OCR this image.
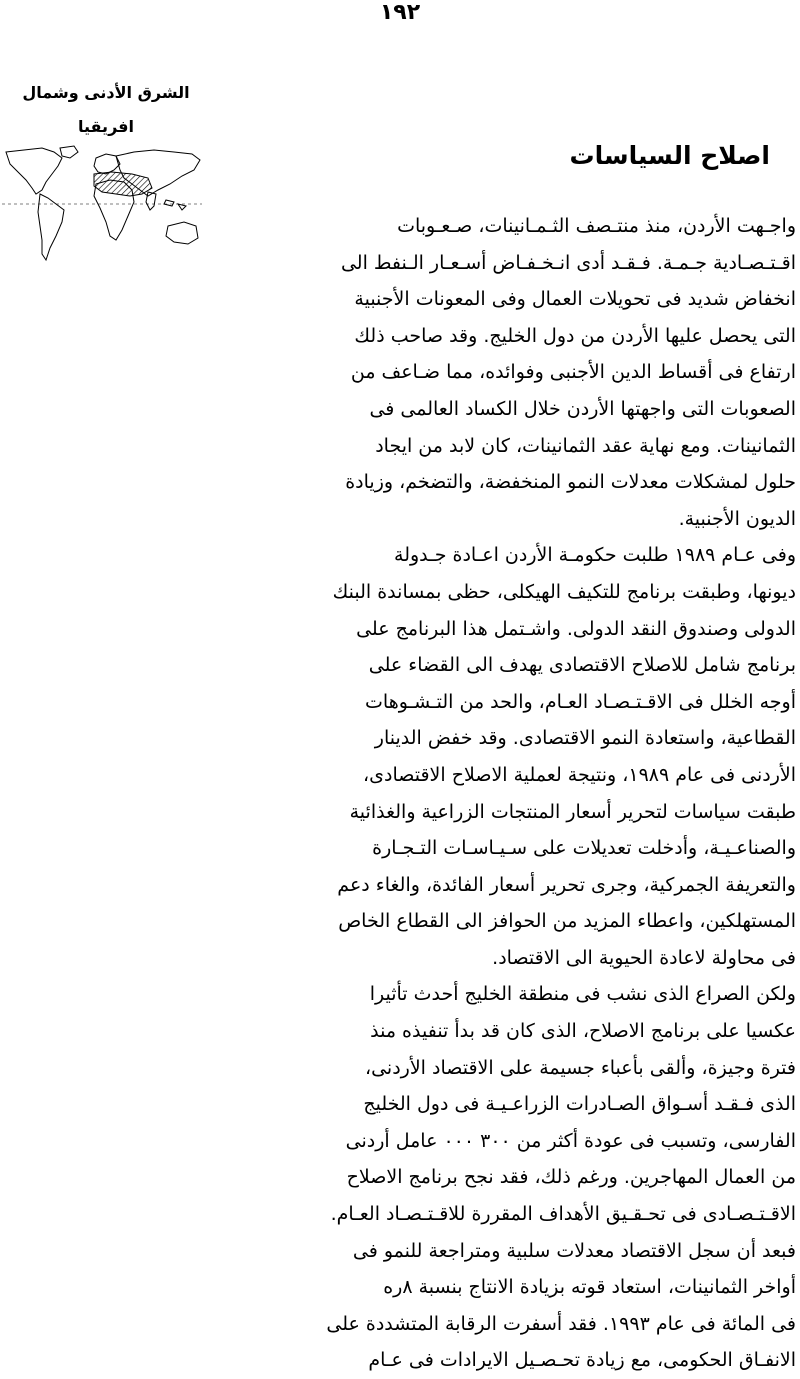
١٩٢
الشرق الأدنى وشمال
افريقيا
اصلاح السياسات
واجـهت الأردن، منذ منتـصف الثـمـانينات، صـعـوبات
اقـتـصـادية جـمـة. فـقـد أدى انـخـفـاض أسـعـار الـنفط الى
انخفاض شديد فى تحويلات العمال وفى المعونات الأجنبية
التى يحصل عليها الأردن من دول الخليج. وقد صاحب ذلك
ارتفاع فى أقساط الدين الأجنبى وفوائده، مما ضـاعف من
الصعوبات التى واجهتها الأردن خلال الكساد العالمى فى
الثمانينات. ومع نهاية عقد الثمانينات، كان لابد من ايجاد
حلول لمشكلات معدلات النمو المنخفضة، والتضخم، وزيادة
الديون الأجنبية.
وفى عـام ١٩٨٩ طلبت حكومـة الأردن اعـادة جـدولة
ديونها، وطبقت برنامج للتكيف الهيكلى، حظى بمساندة البنك
الدولى وصندوق النقد الدولى. واشـتمل هذا البرنامج على
برنامج شامل للاصلاح الاقتصادى يهدف الى القضاء على
أوجه الخلل فى الاقـتـصـاد العـام، والحد من التـشـوهات
القطاعية، واستعادة النمو الاقتصادى. وقد خفض الدينار
الأردنى فى عام ١٩٨٩، ونتيجة لعملية الاصلاح الاقتصادى،
طبقت سياسات لتحرير أسعار المنتجات الزراعية والغذائية
والصناعـيـة، وأدخلت تعديلات على سـيـاسـات التـجـارة
والتعريفة الجمركية، وجرى تحرير أسعار الفائدة، والغاء دعم
المستهلكين، واعطاء المزيد من الحوافز الى القطاع الخاص
فى محاولة لاعادة الحيوية الى الاقتصاد.
ولكن الصراع الذى نشب فى منطقة الخليج أحدث تأثيرا
عكسيا على برنامج الاصلاح، الذى كان قد بدأ تنفيذه منذ
فترة وجيزة، وألقى بأعباء جسيمة على الاقتصاد الأردنى،
الذى فـقـد أسـواق الصـادرات الزراعـيـة فى دول الخليج
الفارسى، وتسبب فى عودة أكثر من ٣٠٠ ٠٠٠ عامل أردنى
من العمال المهاجرين. ورغم ذلك، فقد نجح برنامج الاصلاح
الاقـتـصـادى فى تحـقـيق الأهداف المقررة للاقـتـصـاد العـام.
فبعد أن سجل الاقتصاد معدلات سلبية ومتراجعة للنمو فى
أواخر الثمانينات، استعاد قوته بزيادة الانتاج بنسبة ٨ره
فى المائة فى عام ١٩٩٣. فقد أسفرت الرقابة المتشددة على
الانفـاق الحكومى، مع زيادة تحـصـيل الايرادات فى عـام
